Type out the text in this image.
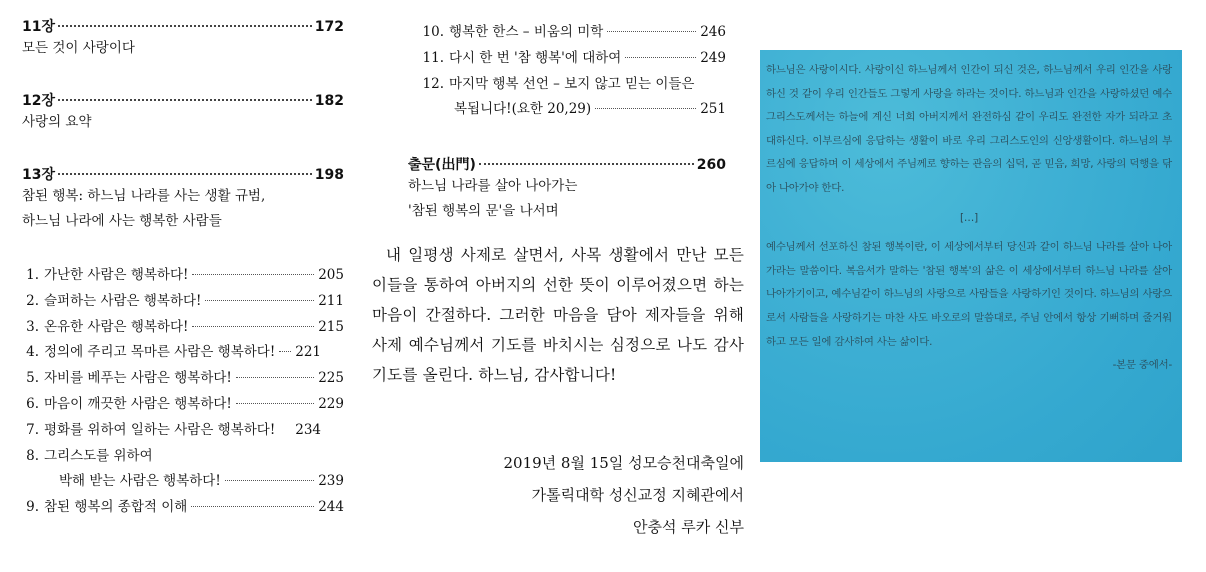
11장	172
모든 것이 사랑이다
12장	182
사랑의 요약
13장	198
참된 행복: 하느님 나라를 사는 생활 규범,
하느님 나라에 사는 행복한 사람들
1. 가난한 사람은 행복하다!	205
2. 슬퍼하는 사람은 행복하다!	211
3. 온유한 사람은 행복하다!	215
4. 정의에 주리고 목마른 사람은 행복하다! 221
5. 자비를 베푸는 사람은 행복하다!	225
6. 마음이 깨끗한 사람은 행복하다!	229
7. 평화를 위하여 일하는 사람은 행복하다! 234
8. 그리스도를 위하여
박해 받는 사람은 행복하다!	239
9. 참된 행복의 종합적 이해	244
10. 행복한 한스 – 비움의 미학	246
11. 다시 한 번 '참 행복'에 대하여	249
12. 마지막 행복 선언 – 보지 않고 믿는 이들은
복됩니다!(요한 20,29)	251
출문(出門)	260
하느님 나라를 살아 나아가는
'참된 행복의 문'을 나서며

내 일평생 사제로 살면서, 사목 생활에서 만난 모든 이들을 통하여 아버지의 선한 뜻이 이루어졌으면 하는 마음이 간절하다. 그러한 마음을 담아 제자들을 위해 사제 예수님께서 기도를 바치시는 심정으로 나도 감사 기도를 올린다. 하느님, 감사합니다!

2019년 8월 15일 성모승천대축일에
가톨릭대학 성신교정 지혜관에서
안충석 루카 신부

하느님은 사랑이시다. 사랑이신 하느님께서 인간이 되신 것은, 하느님께서 우리 인간을 사랑하신 것 같이 우리 인간들도 그렇게 사랑을 하라는 것이다. 하느님과 인간을 사랑하셨던 예수 그리스도께서는 하늘에 계신 너희 아버지께서 완전하심 같이 우리도 완전한 자가 되라고 초대하신다. 이부르심에 응답하는 생활이 바로 우리 그리스도인의 신앙생활이다. 하느님의 부르심에 응답하며 이 세상에서 주님께로 향하는 관음의 십덕, 곧 믿음, 희망, 사랑의 덕행을 닦아 나아가야 한다.

[…]

예수님께서 선포하신 참된 행복이란, 이 세상에서부터 당신과 같이 하느님 나라를 살아 나아가라는 말씀이다. 복음서가 말하는 '참된 행복'의 삶은 이 세상에서부터 하느님 나라를 살아 나아가기이고, 예수님같이 하느님의 사랑으로 사람들을 사랑하기인 것이다. 하느님의 사랑으로서 사람들을 사랑하기는 마찬 사도 바오로의 말씀대로, 주님 안에서 항상 기뻐하며 줄거워하고 모든 일에 감사하여 사는 삶이다.

-본문 중에서-
